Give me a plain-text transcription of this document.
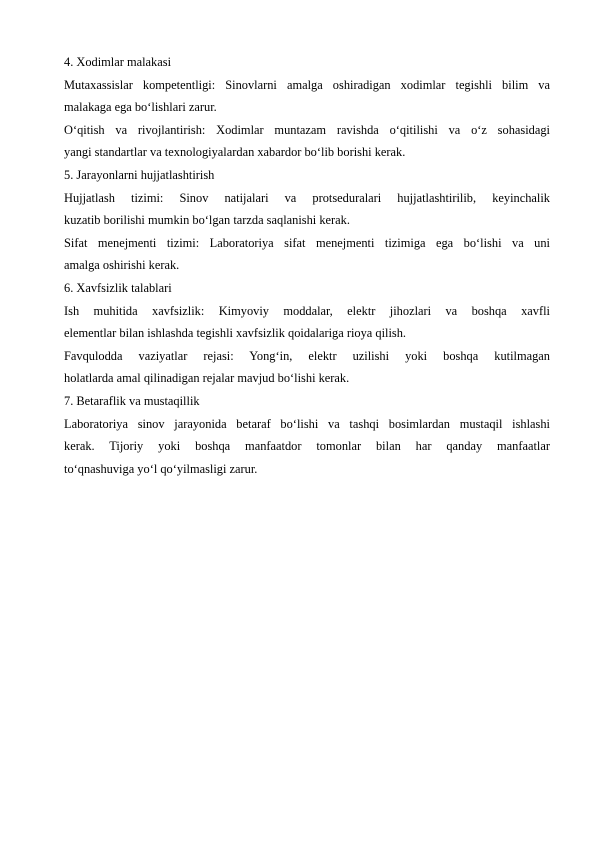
4. Xodimlar malakasi
Mutaxassislar kompetentligi: Sinovlarni amalga oshiradigan xodimlar tegishli bilim va
malakaga ega bo‘lishlari zarur.
O‘qitish va rivojlantirish: Xodimlar muntazam ravishda o‘qitilishi va o‘z sohasidagi
yangi standartlar va texnologiyalardan xabardor bo‘lib borishi kerak.
5. Jarayonlarni hujjatlashtirish
Hujjatlash tizimi: Sinov natijalari va protseduralari hujjatlashtirilib, keyinchalik
kuzatib borilishi mumkin bo‘lgan tarzda saqlanishi kerak.
Sifat menejmenti tizimi: Laboratoriya sifat menejmenti tizimiga ega bo‘lishi va uni
amalga oshirishi kerak.
6. Xavfsizlik talablari
Ish muhitida xavfsizlik: Kimyoviy moddalar, elektr jihozlari va boshqa xavfli
elementlar bilan ishlashda tegishli xavfsizlik qoidalariga rioya qilish.
Favqulodda vaziyatlar rejasi: Yong‘in, elektr uzilishi yoki boshqa kutilmagan
holatlarda amal qilinadigan rejalar mavjud bo‘lishi kerak.
7. Betaraflik va mustaqillik
Laboratoriya sinov jarayonida betaraf bo‘lishi va tashqi bosimlardan mustaqil ishlashi
kerak. Tijoriy yoki boshqa manfaatdor tomonlar bilan har qanday manfaatlar
to‘qnashuviga yo‘l qo‘yilmasligi zarur.
